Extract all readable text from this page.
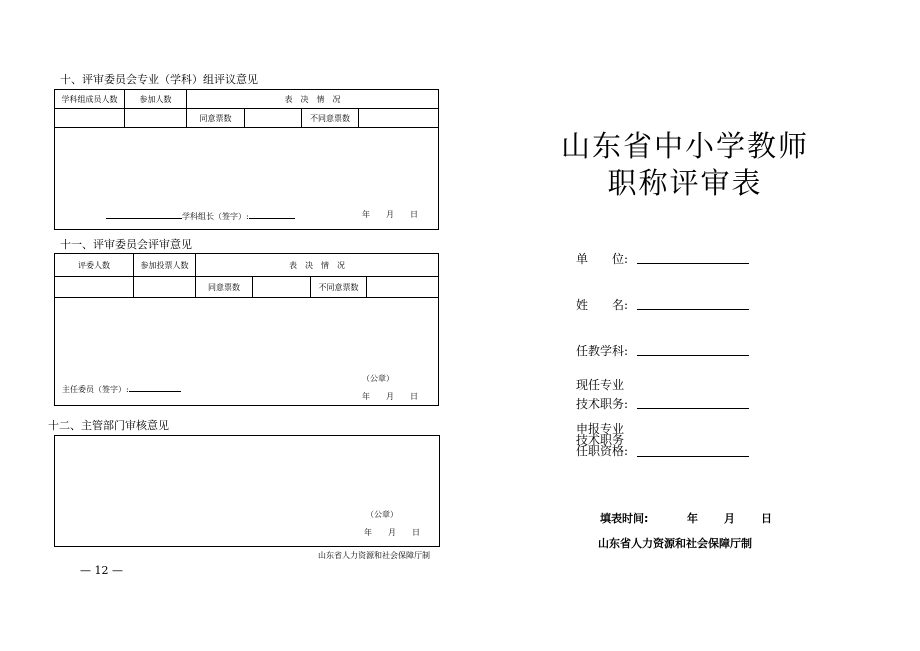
十、评审委员会专业（学科）组评议意见
学科组成员人数	参加人数	表　决　情　况
同意票数	不同意票数
学科组长（签字）:	年 月 日
十一、评审委员会评审意见
评委人数	参加投票人数	表　决　情　况
同意票数	不同意票数
主任委员（签字）:
（公章）
年 月 日
十二、主管部门审核意见
（公章）
年 月 日
山东省人力资源和社会保障厅制
— 12 —
山东省中小学教师
职称评审表
单　　位:
姓　　名:
任教学科:
现任专业
技术职务:
申报专业
技术职务
任职资格:
填表时间:	年 月 日
山东省人力资源和社会保障厅制
